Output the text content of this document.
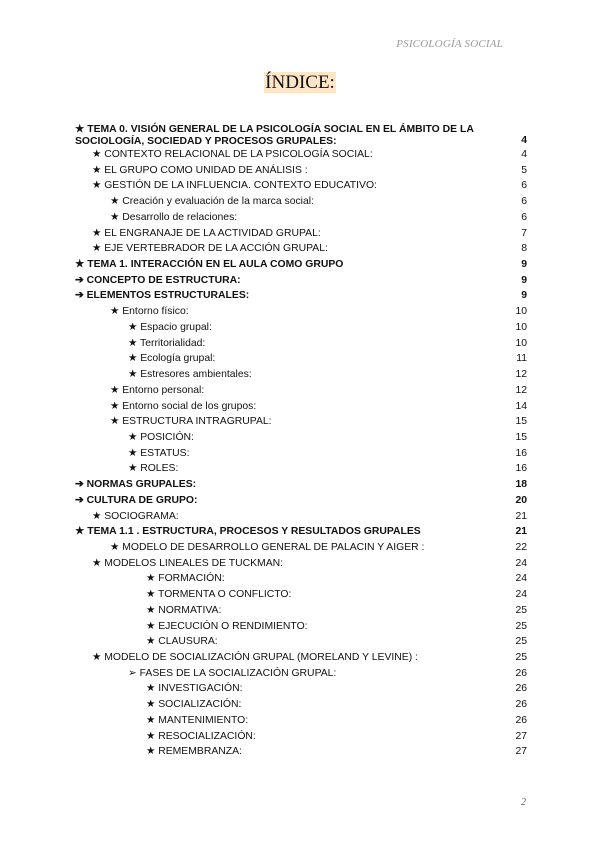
PSICOLOGÍA SOCIAL
ÍNDICE:
★ TEMA 0. VISIÓN GENERAL DE LA PSICOLOGÍA SOCIAL EN EL ÁMBITO DE LA SOCIOLOGÍA, SOCIEDAD Y PROCESOS GRUPALES:	4
★ CONTEXTO RELACIONAL DE LA PSICOLOGÍA SOCIAL:	4
★ EL GRUPO COMO UNIDAD DE ANÁLISIS :	5
★ GESTIÓN DE LA INFLUENCIA. CONTEXTO EDUCATIVO:	6
★ Creación y evaluación de la marca social:	6
★ Desarrollo de relaciones:	6
★ EL ENGRANAJE DE LA ACTIVIDAD GRUPAL:	7
★ EJE VERTEBRADOR DE LA ACCIÓN GRUPAL:	8
★ TEMA 1. INTERACCIÓN EN EL AULA COMO GRUPO	9
➔ CONCEPTO DE ESTRUCTURA:	9
➔ ELEMENTOS ESTRUCTURALES:	9
★ Entorno físico:	10
★ Espacio grupal:	10
★ Territorialidad:	10
★ Ecología grupal:	11
★ Estresores ambientales:	12
★ Entorno personal:	12
★ Entorno social de los grupos:	14
★ ESTRUCTURA INTRAGRUPAL:	15
★ POSICIÓN:	15
★ ESTATUS:	16
★ ROLES:	16
➔ NORMAS GRUPALES:	18
➔ CULTURA DE GRUPO:	20
★ SOCIOGRAMA:	21
★ TEMA 1.1 . ESTRUCTURA, PROCESOS Y RESULTADOS GRUPALES	21
★ MODELO DE DESARROLLO GENERAL DE PALACIN Y AIGER :	22
★ MODELOS LINEALES DE TUCKMAN:	24
★ FORMACIÓN:	24
★ TORMENTA O CONFLICTO:	24
★ NORMATIVA:	25
★ EJECUCIÓN O RENDIMIENTO:	25
★ CLAUSURA:	25
★ MODELO DE SOCIALIZACIÓN GRUPAL (MORELAND Y LEVINE) :	25
➢ FASES DE LA SOCIALIZACIÓN GRUPAL:	26
★ INVESTIGACIÓN:	26
★ SOCIALIZACIÓN:	26
★ MANTENIMIENTO:	26
★ RESOCIALIZACIÓN:	27
★ REMEMBRANZA:	27
2
